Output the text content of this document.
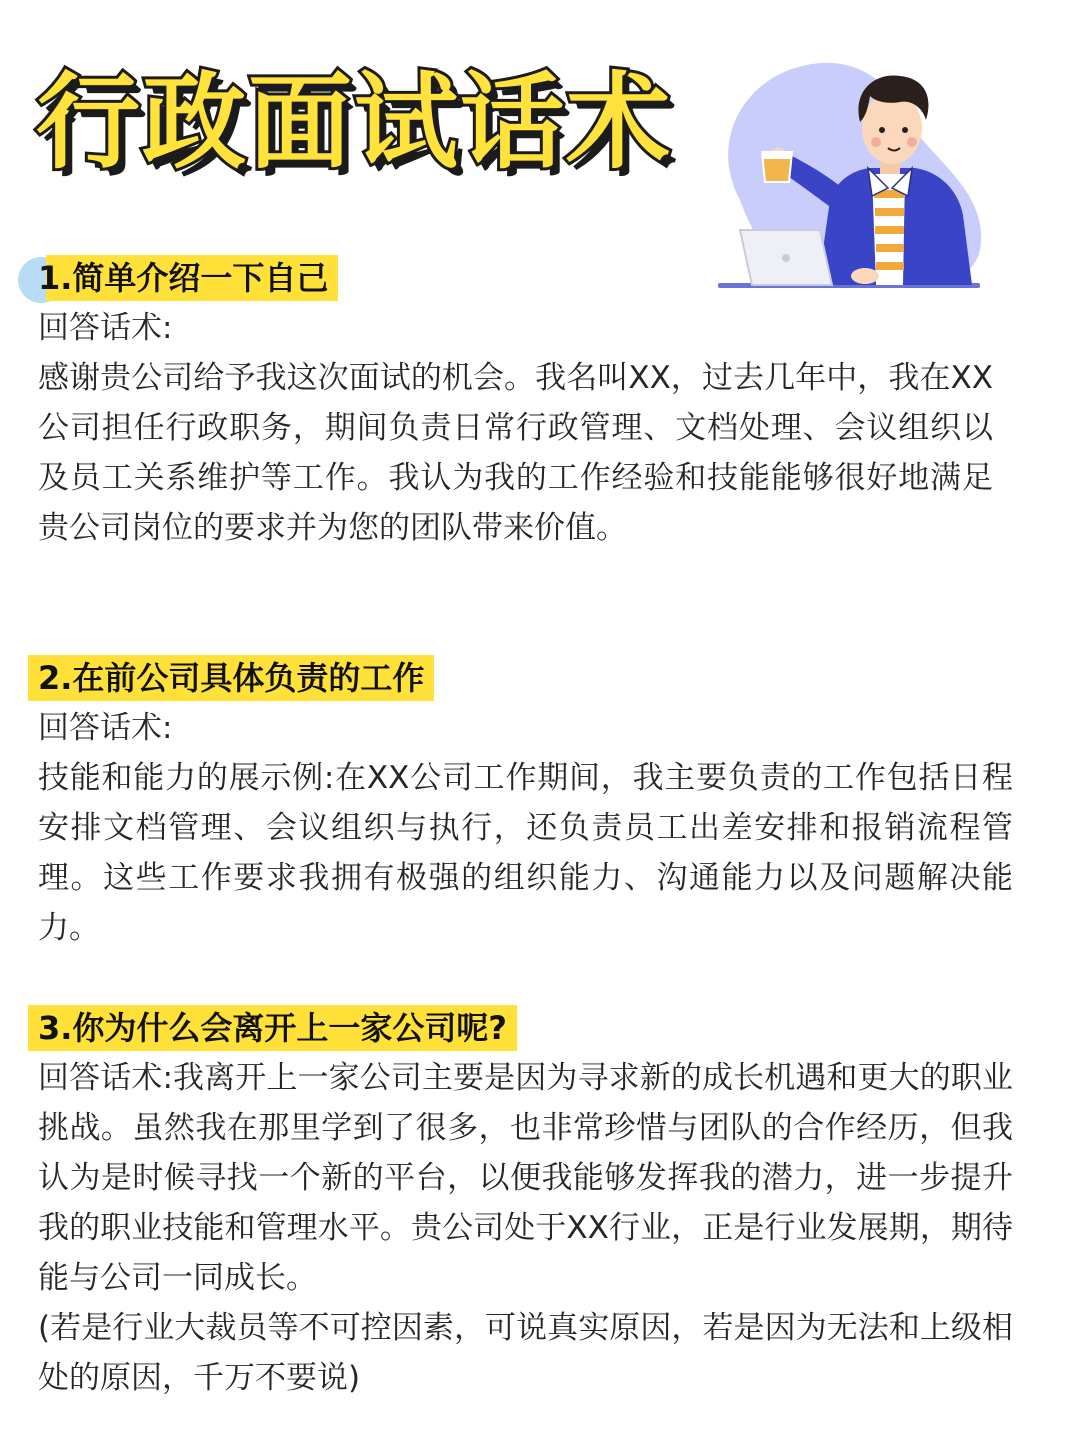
行政面试话术
1.简单介绍一下自己

回答话术:

感谢贵公司给予我这次面试的机会。我名叫XX，过去几年中，我在XX公司担任行政职务，期间负责日常行政管理、文档处理、会议组织以及员工关系维护等工作。我认为我的工作经验和技能能够很好地满足贵公司岗位的要求并为您的团队带来价值。

2.在前公司具体负责的工作

回答话术:

技能和能力的展示例:在XX公司工作期间，我主要负责的工作包括日程安排文档管理、会议组织与执行，还负责员工出差安排和报销流程管理。这些工作要求我拥有极强的组织能力、沟通能力以及问题解决能力。

3.你为什么会离开上一家公司呢?

回答话术:我离开上一家公司主要是因为寻求新的成长机遇和更大的职业挑战。虽然我在那里学到了很多，也非常珍惜与团队的合作经历，但我认为是时候寻找一个新的平台，以便我能够发挥我的潜力，进一步提升我的职业技能和管理水平。贵公司处于XX行业，正是行业发展期，期待能与公司一同成长。

(若是行业大裁员等不可控因素，可说真实原因，若是因为无法和上级相处的原因，千万不要说)
